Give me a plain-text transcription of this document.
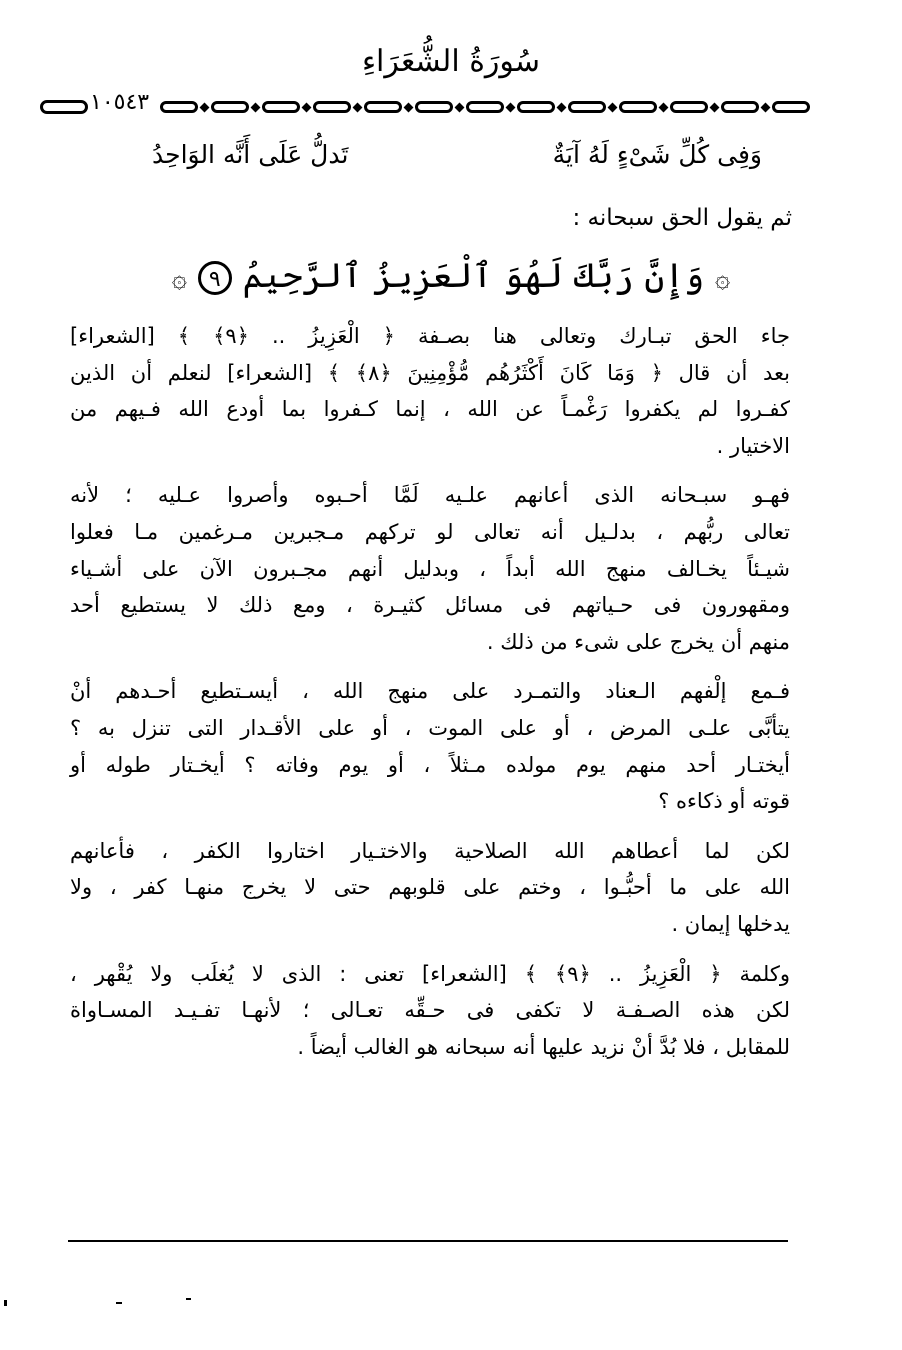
سُورَةُ الشُّعَرَاءِ
١٠٥٤٣
وَفِى كُلِّ شَىْءٍ لَهُ آيَةٌ
تَدلُّ عَلَى أَنَّه الوَاحِدُ
ثم يقول الحق سبحانه :
۞ وَإِنَّ رَبَّكَ لَهُوَ ٱلْعَزِيزُ ٱلرَّحِيمُ ٩ ۞
جاء الحق تبـارك وتعالى هنا بصـفة ﴿ الْعَزِيزُ .. ﴿٩﴾ ﴾ [الشعراء]
بعد أن قال ﴿ وَمَا كَانَ أَكْثَرُهُم مُّؤْمِنِينَ ﴿٨﴾ ﴾ [الشعراء] لنعلم أن الذين
كفـروا لم يكفروا رَغْمـاً عن الله ، إنما كـفروا بما أودع الله فـيهم من
الاختيار .
فهـو سبـحانه الذى أعانهم علـيه لَمَّا أحـبوه وأصروا عـليه ؛ لأنه
تعالى ربُّهم ، بدلـيل أنه تعالى لو تركهم مـجبرين مـرغمين مـا فعلوا
شيـئاً يخـالف منهج الله أبداً ، وبدليل أنهم مجـبرون الآن على أشـياء
ومقهورون فى حـياتهم فى مسائل كثيـرة ، ومع ذلك لا يستطيع أحد
منهم أن يخرج على شىء من ذلك .
فـمع إلْفهم الـعناد والتمـرد على منهج الله ، أيسـتطيع أحـدهم أنْ
يتأبَّى علـى المرض ، أو على الموت ، أو على الأقـدار التى تنزل به ؟
أيختـار أحد منهم يوم مولده مـثلاً ، أو يوم وفاته ؟ أيخـتار طوله أو
قوته أو ذكاءه ؟
لكن لما أعطاهم الله الصلاحية والاختـيار اختاروا الكفر ، فأعانهم
الله على ما أحبُّـوا ، وختم على قلوبهم حتى لا يخرج منهـا كفر ، ولا
يدخلها إيمان .
وكلمة ﴿ الْعَزِيزُ .. ﴿٩﴾ ﴾ [الشعراء] تعنى : الذى لا يُغلَب ولا يُقْهر ،
لكن هذه الصـفـة لا تكفى فى حـقِّه تعـالى ؛ لأنهـا تفـيـد المسـاواة
للمقابل ، فلا بُدَّ أنْ نزيد عليها أنه سبحانه هو الغالب أيضاً .
